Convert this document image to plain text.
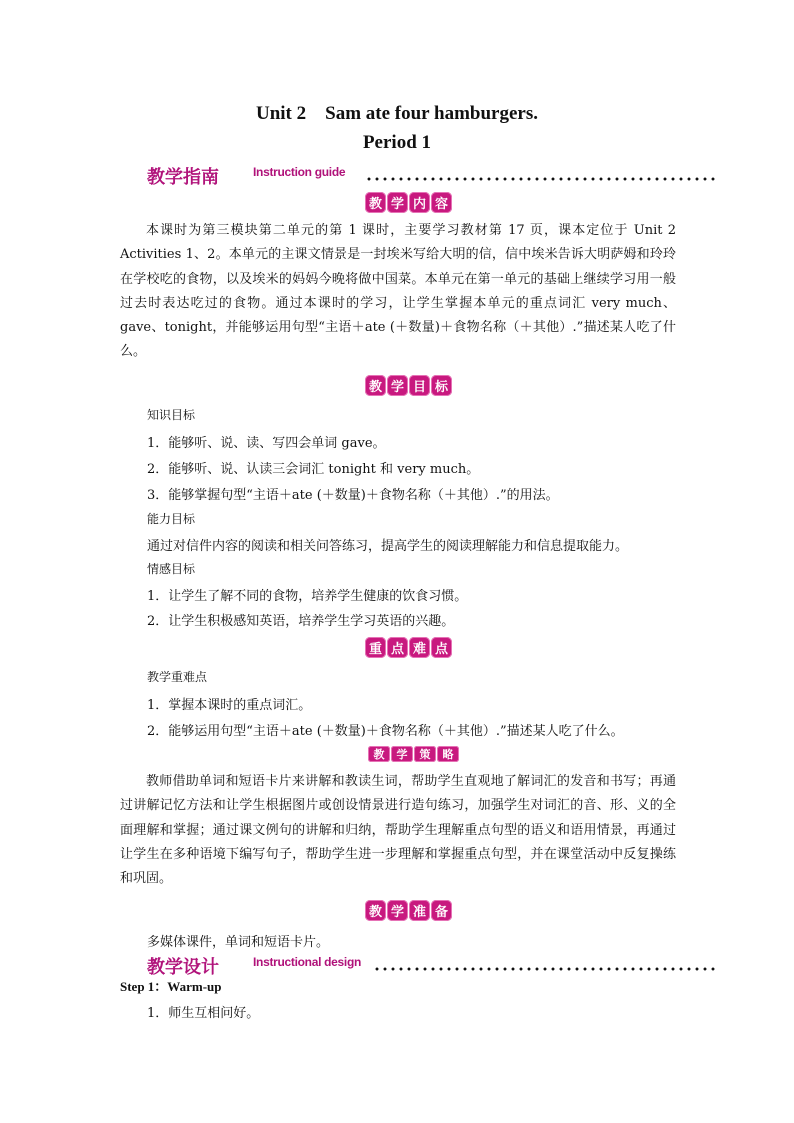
Unit 2　Sam ate four hamburgers.
Period 1
教学指南	Instruction guide
教 学 内 容
本课时为第三模块第二单元的第 1 课时，主要学习教材第 17 页，课本定位于 Unit 2 Activities 1、2。本单元的主课文情景是一封埃米写给大明的信，信中埃米告诉大明萨姆和玲玲在学校吃的食物，以及埃米的妈妈今晚将做中国菜。本单元在第一单元的基础上继续学习用一般过去时表达吃过的食物。通过本课时的学习，让学生掌握本单元的重点词汇 very much、gave、tonight，并能够运用句型“主语＋ate (＋数量)＋食物名称（＋其他）.”描述某人吃了什么。
教 学 目 标
知识目标
1．能够听、说、读、写四会单词 gave。
2．能够听、说、认读三会词汇 tonight 和 very much。
3．能够掌握句型“主语＋ate (＋数量)＋食物名称（＋其他）.”的用法。
能力目标
通过对信件内容的阅读和相关问答练习，提高学生的阅读理解能力和信息提取能力。
情感目标
1．让学生了解不同的食物，培养学生健康的饮食习惯。
2．让学生积极感知英语，培养学生学习英语的兴趣。
重 点 难 点
教学重难点
1．掌握本课时的重点词汇。
2．能够运用句型“主语＋ate (＋数量)＋食物名称（＋其他）.”描述某人吃了什么。
教	学	策	略
教师借助单词和短语卡片来讲解和教读生词，帮助学生直观地了解词汇的发音和书写；再通过讲解记忆方法和让学生根据图片或创设情景进行造句练习，加强学生对词汇的音、形、义的全面理解和掌握；通过课文例句的讲解和归纳，帮助学生理解重点句型的语义和语用情景，再通过让学生在多种语境下编写句子，帮助学生进一步理解和掌握重点句型，并在课堂活动中反复操练和巩固。
教 学 准 备
多媒体课件，单词和短语卡片。
教学设计	Instructional design
Step 1：Warm-up
1．师生互相问好。
